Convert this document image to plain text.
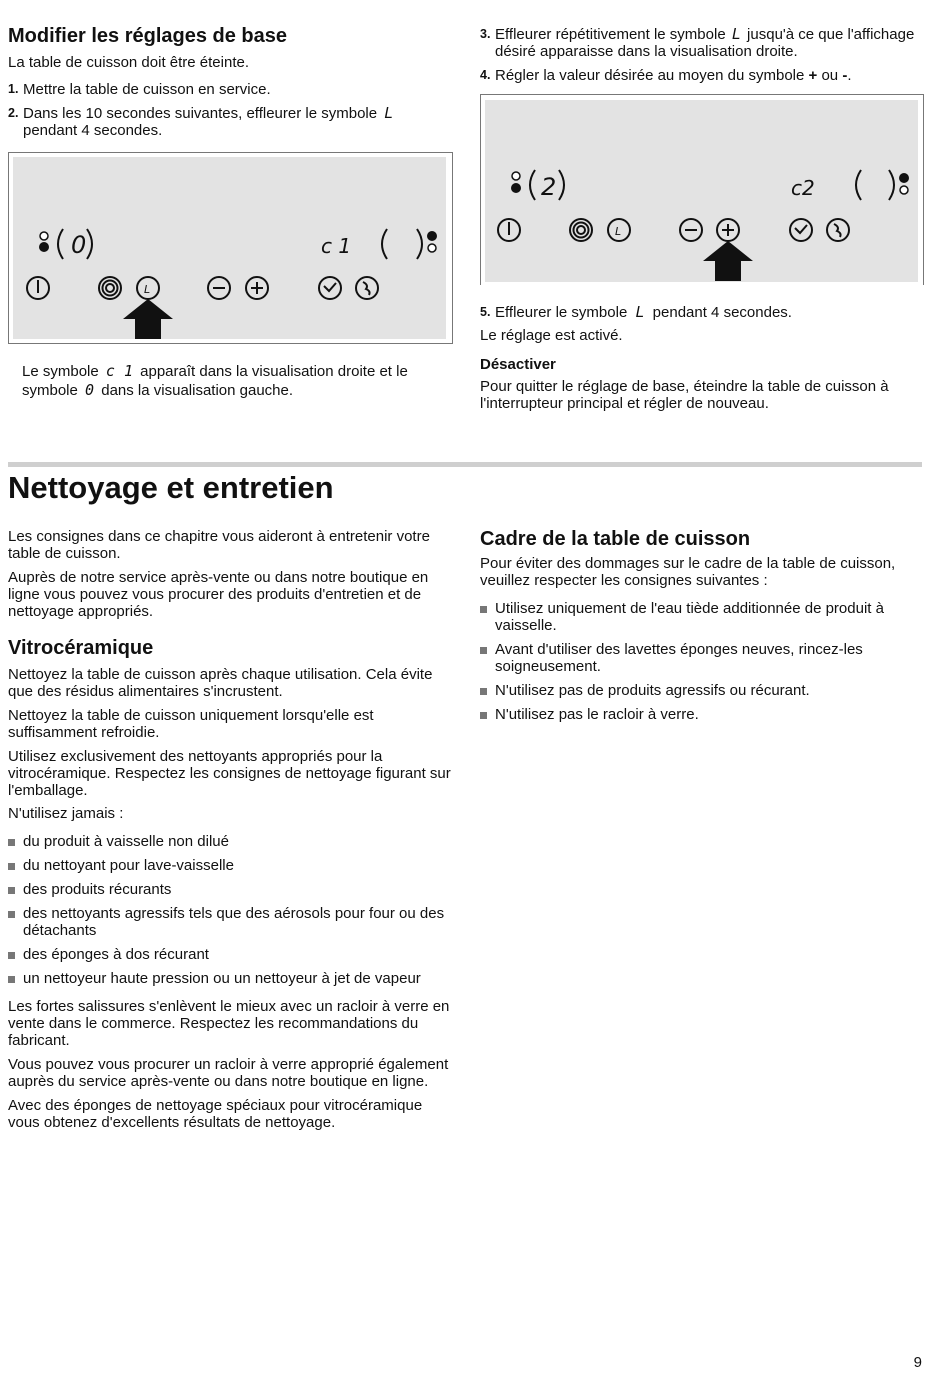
Modifier les réglages de base

La table de cuisson doit être éteinte.

1. Mettre la table de cuisson en service.
2. Dans les 10 secondes suivantes, effleurer le symbole L
pendant 4 secondes.
0	c 1
L

Le symbole c 1 apparaît dans la visualisation droite et le symbole 0 dans la visualisation gauche.

3. Effleurer répétitivement le symbole L jusqu'à ce que l'affichage désiré apparaisse dans la visualisation droite.
4. Régler la valeur désirée au moyen du symbole + ou -.
2	c2
L
5. Effleurer le symbole L pendant 4 secondes.

Le réglage est activé.

Désactiver

Pour quitter le réglage de base, éteindre la table de cuisson à l'interrupteur principal et régler de nouveau.

Nettoyage et entretien

Les consignes dans ce chapitre vous aideront à entretenir votre table de cuisson.

Auprès de notre service après-vente ou dans notre boutique en ligne vous pouvez vous procurer des produits d'entretien et de nettoyage appropriés.

Vitrocéramique

Nettoyez la table de cuisson après chaque utilisation. Cela évite que des résidus alimentaires s'incrustent.

Nettoyez la table de cuisson uniquement lorsqu'elle est suffisamment refroidie.

Utilisez exclusivement des nettoyants appropriés pour la vitrocéramique. Respectez les consignes de nettoyage figurant sur l'emballage.

N'utilisez jamais :

du produit à vaisselle non dilué
du nettoyant pour lave-vaisselle
des produits récurants
des nettoyants agressifs tels que des aérosols pour four ou des détachants
des éponges à dos récurant
un nettoyeur haute pression ou un nettoyeur à jet de vapeur

Les fortes salissures s'enlèvent le mieux avec un racloir à verre en vente dans le commerce. Respectez les recommandations du fabricant.

Vous pouvez vous procurer un racloir à verre approprié également auprès du service après-vente ou dans notre boutique en ligne.

Avec des éponges de nettoyage spéciaux pour vitrocéramique vous obtenez d'excellents résultats de nettoyage.

Cadre de la table de cuisson

Pour éviter des dommages sur le cadre de la table de cuisson, veuillez respecter les consignes suivantes :

Utilisez uniquement de l'eau tiède additionnée de produit à vaisselle.
Avant d'utiliser des lavettes éponges neuves, rincez-les soigneusement.
N'utilisez pas de produits agressifs ou récurant.
N'utilisez pas le racloir à verre.
9
